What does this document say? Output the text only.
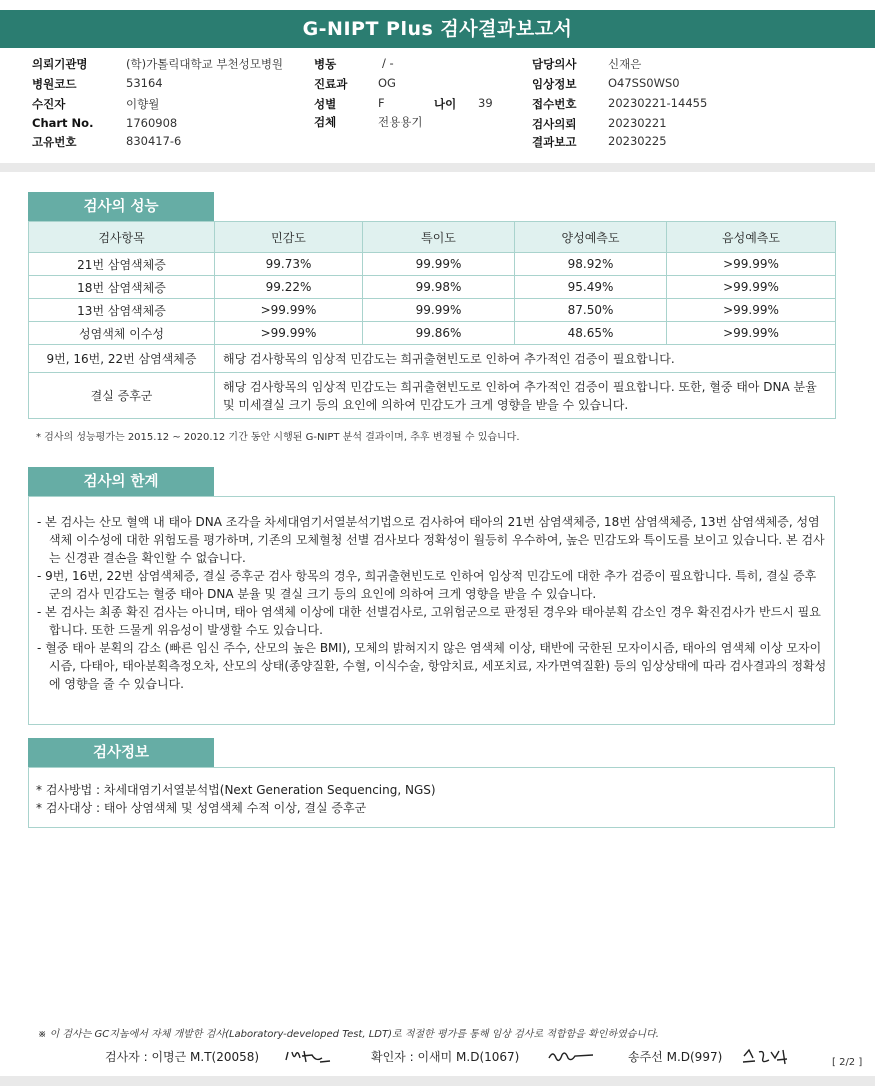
G-NIPT Plus 검사결과보고서
의뢰기관명	(학)가톨릭대학교 부천성모병원
병원코드	53164
수진자	이향월
Chart No.	1760908
고유번호	830417-6
병동	/ -
진료과	OG
성별	F	나이 39
검체	전용용기
담당의사	신재은
임상정보	O47SS0WS0
접수번호	20230221-14455
검사의뢰	20230221
결과보고	20230225
검사의 성능
검사항목	민감도	특이도	양성예측도	음성예측도
21번 삼염색체증	99.73%	99.99%	98.92%	>99.99%
18번 삼염색체증	99.22%	99.98%	95.49%	>99.99%
13번 삼염색체증	>99.99%	99.99%	87.50%	>99.99%
성염색체 이수성	>99.99%	99.86%	48.65%	>99.99%
9번, 16번, 22번 삼염색체증	해당 검사항목의 임상적 민감도는 희귀출현빈도로 인하여 추가적인 검증이 필요합니다.			
결실 증후군	해당 검사항목의 임상적 민감도는 희귀출현빈도로 인하여 추가적인 검증이 필요합니다. 또한, 혈중 태아 DNA 분율 및 미세결실 크기 등의 요인에 의하여 민감도가 크게 영향을 받을 수 있습니다.			
* 검사의 성능평가는 2015.12 ~ 2020.12 기간 동안 시행된 G-NIPT 분석 결과이며, 추후 변경될 수 있습니다.
검사의 한계
- 본 검사는 산모 혈액 내 태아 DNA 조각을 차세대염기서열분석기법으로 검사하여 태아의 21번 삼염색체증, 18번 삼염색체증, 13번 삼염색체증, 성염색체 이수성에 대한 위험도를 평가하며, 기존의 모체혈청 선별 검사보다 정확성이 월등히 우수하여, 높은 민감도와 특이도를 보이고 있습니다. 본 검사는 신경관 결손을 확인할 수 없습니다.
- 9번, 16번, 22번 삼염색체증, 결실 증후군 검사 항목의 경우, 희귀출현빈도로 인하여 임상적 민감도에 대한 추가 검증이 필요합니다. 특히, 결실 증후군의 검사 민감도는 혈중 태아 DNA 분율 및 결실 크기 등의 요인에 의하여 크게 영향을 받을 수 있습니다.
- 본 검사는 최종 확진 검사는 아니며, 태아 염색체 이상에 대한 선별검사로, 고위험군으로 판정된 경우와 태아분획 감소인 경우 확진검사가 반드시 필요합니다. 또한 드물게 위음성이 발생할 수도 있습니다.
- 혈중 태아 분획의 감소 (빠른 임신 주수, 산모의 높은 BMI), 모체의 밝혀지지 않은 염색체 이상, 태반에 국한된 모자이시즘, 태아의 염색체 이상 모자이시즘, 다태아, 태아분획측정오차, 산모의 상태(종양질환, 수혈, 이식수술, 항암치료, 세포치료, 자가면역질환) 등의 임상상태에 따라 검사결과의 정확성에 영향을 줄 수 있습니다.
검사정보
* 검사방법 : 차세대염기서열분석법(Next Generation Sequencing, NGS)
* 검사대상 : 태아 상염색체 및 성염색체 수적 이상, 결실 증후군
※ 이 검사는 GC지놈에서 자체 개발한 검사(Laboratory-developed Test, LDT)로 적절한 평가를 통해 임상 검사로 적합함을 확인하였습니다.
검사자 : 이명근 M.T(20058)	확인자 : 이새미 M.D(1067)	송주선 M.D(997)	[ 2/2 ]
